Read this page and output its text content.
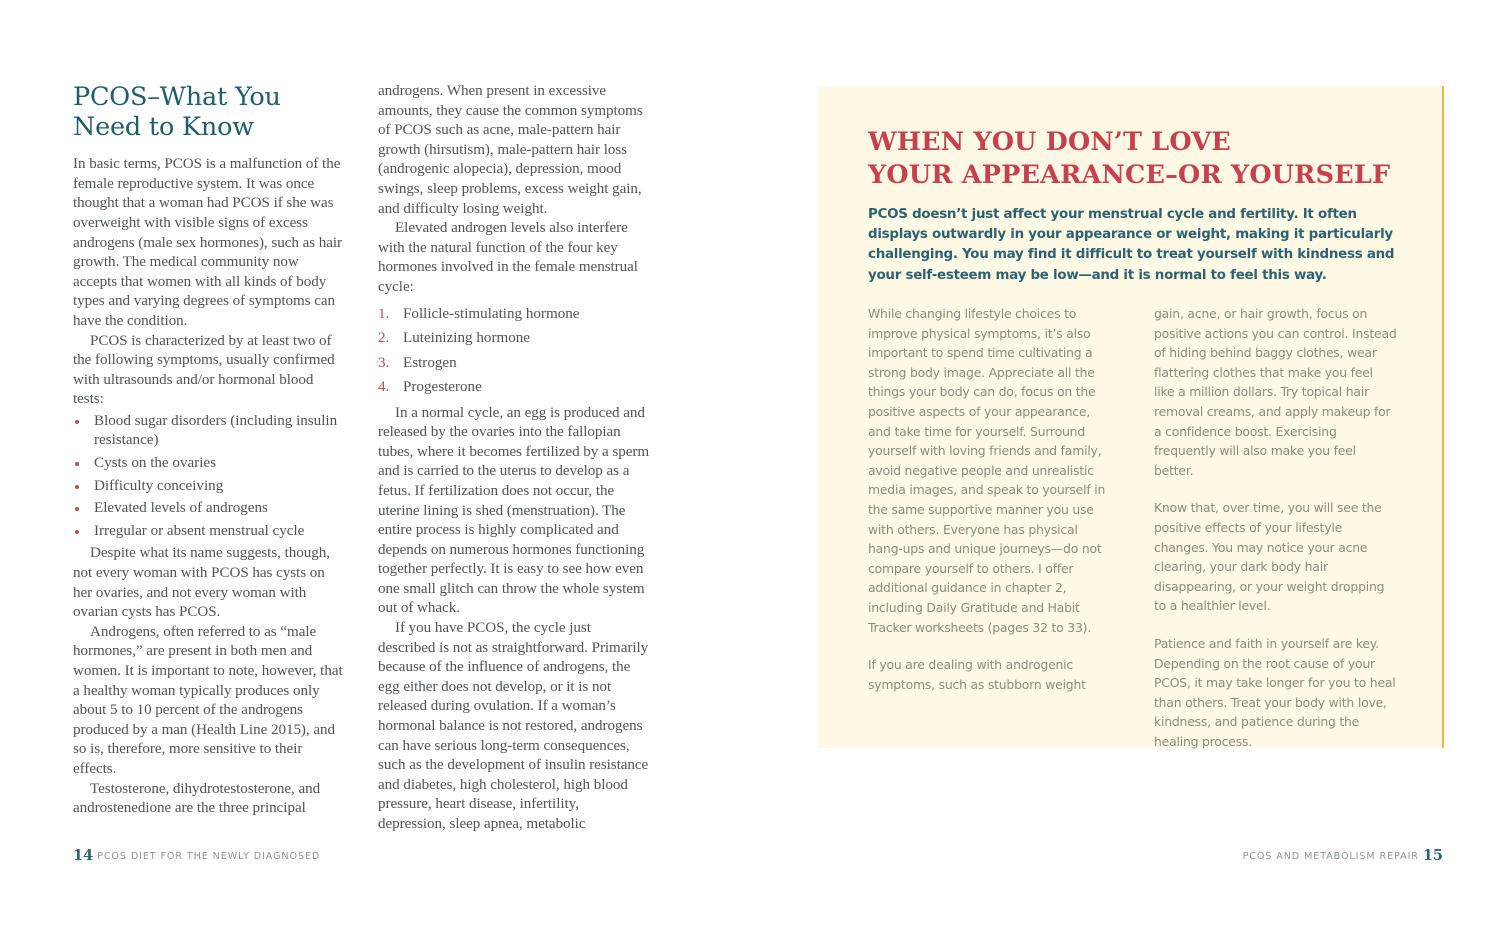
PCOS–What You
Need to Know

In basic terms, PCOS is a malfunction of the female reproductive system. It was once thought that a woman had PCOS if she was overweight with visible signs of excess androgens (male sex hormones), such as hair growth. The medical community now accepts that women with all kinds of body types and varying degrees of symptoms can have the condition.

PCOS is characterized by at least two of the following symptoms, usually confirmed with ultrasounds and/or hormonal blood tests:

Blood sugar disorders (including insulin resistance)
Cysts on the ovaries
Difficulty conceiving
Elevated levels of androgens
Irregular or absent menstrual cycle

Despite what its name suggests, though, not every woman with PCOS has cysts on her ovaries, and not every woman with ovarian cysts has PCOS.

Androgens, often referred to as “male hormones,” are present in both men and women. It is important to note, however, that a healthy woman typically produces only about 5 to 10 percent of the androgens produced by a man (Health Line 2015), and so is, therefore, more sensitive to their effects.

Testosterone, dihydrotestosterone, and androstenedione are the three principal

androgens. When present in excessive amounts, they cause the common symptoms of PCOS such as acne, male-pattern hair growth (hirsutism), male-pattern hair loss (androgenic alopecia), depression, mood swings, sleep problems, excess weight gain, and difficulty losing weight.

Elevated androgen levels also interfere with the natural function of the four key hormones involved in the female menstrual cycle:

1. Follicle-stimulating hormone
2. Luteinizing hormone
3. Estrogen
4. Progesterone

In a normal cycle, an egg is produced and released by the ovaries into the fallopian tubes, where it becomes fertilized by a sperm and is carried to the uterus to develop as a fetus. If fertilization does not occur, the uterine lining is shed (menstruation). The entire process is highly complicated and depends on numerous hormones functioning together perfectly. It is easy to see how even one small glitch can throw the whole system out of whack.

If you have PCOS, the cycle just described is not as straightforward. Primarily because of the influence of androgens, the egg either does not develop, or it is not released during ovulation. If a woman’s hormonal balance is not restored, androgens can have serious long-term consequences, such as the development of insulin resistance and diabetes, high cholesterol, high blood pressure, heart disease, infertility, depression, sleep apnea, metabolic

14 PCOS DIET FOR THE NEWLY DIAGNOSED
WHEN YOU DON’T LOVE
YOUR APPEARANCE–OR YOURSELF

PCOS doesn’t just affect your menstrual cycle and fertility. It often displays outwardly in your appearance or weight, making it particularly challenging. You may find it difficult to treat yourself with kindness and your self-esteem may be low—and it is normal to feel this way.

While changing lifestyle choices to improve physical symptoms, it’s also important to spend time cultivating a strong body image. Appreciate all the things your body can do, focus on the positive aspects of your appearance, and take time for yourself. Surround yourself with loving friends and family, avoid negative people and unrealistic media images, and speak to yourself in the same supportive manner you use with others. Everyone has physical hang-ups and unique journeys—do not compare yourself to others. I offer additional guidance in chapter 2, including Daily Gratitude and Habit Tracker worksheets (pages 32 to 33).

If you are dealing with androgenic symptoms, such as stubborn weight

gain, acne, or hair growth, focus on positive actions you can control. Instead of hiding behind baggy clothes, wear flattering clothes that make you feel like a million dollars. Try topical hair removal creams, and apply makeup for a confidence boost. Exercising frequently will also make you feel better.

Know that, over time, you will see the positive effects of your lifestyle changes. You may notice your acne clearing, your dark body hair disappearing, or your weight dropping to a healthier level.

Patience and faith in yourself are key. Depending on the root cause of your PCOS, it may take longer for you to heal than others. Treat your body with love, kindness, and patience during the healing process.

PCOS AND METABOLISM REPAIR 15
